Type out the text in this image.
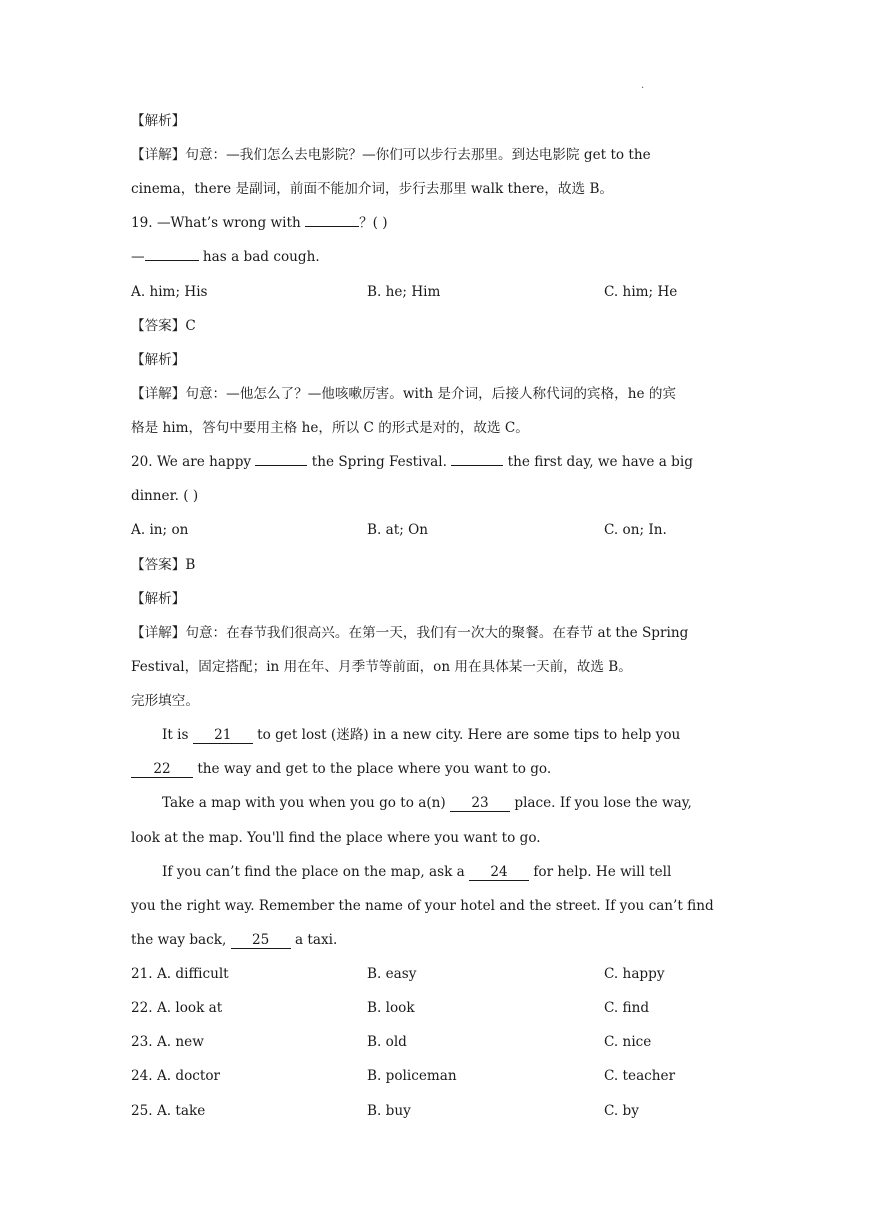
.
【解析】
【详解】句意：—我们怎么去电影院？—你们可以步行去那里。到达电影院 get to the
cinema，there 是副词，前面不能加介词，步行去那里 walk there，故选 B。
19. —What’s wrong with	？( )
—	has a bad cough.
A. him; His	B. he; Him	C. him; He
【答案】C
【解析】
【详解】句意：—他怎么了？—他咳嗽厉害。with 是介词，后接人称代词的宾格，he 的宾
格是 him，答句中要用主格 he，所以 C 的形式是对的，故选 C。
20. We are happy	the Spring Festival.	the first day, we have a big
dinner. ( )
A. in; on	B. at; On	C. on; In.
【答案】B
【解析】
【详解】句意：在春节我们很高兴。在第一天，我们有一次大的聚餐。在春节 at the Spring
Festival，固定搭配；in 用在年、月季节等前面，on 用在具体某一天前，故选 B。
完形填空。
It is 21 to get lost (迷路) in a new city. Here are some tips to help you
22 the way and get to the place where you want to go.
Take a map with you when you go to a(n) 23 place. If you lose the way,
look at the map. You'll find the place where you want to go.
If you can’t find the place on the map, ask a 24 for help. He will tell
you the right way. Remember the name of your hotel and the street. If you can’t find
the way back, 25 a taxi.
21. A. difficult	B. easy	C. happy
22. A. look at	B. look	C. find
23. A. new	B. old	C. nice
24. A. doctor	B. policeman	C. teacher
25. A. take	B. buy	C. by
